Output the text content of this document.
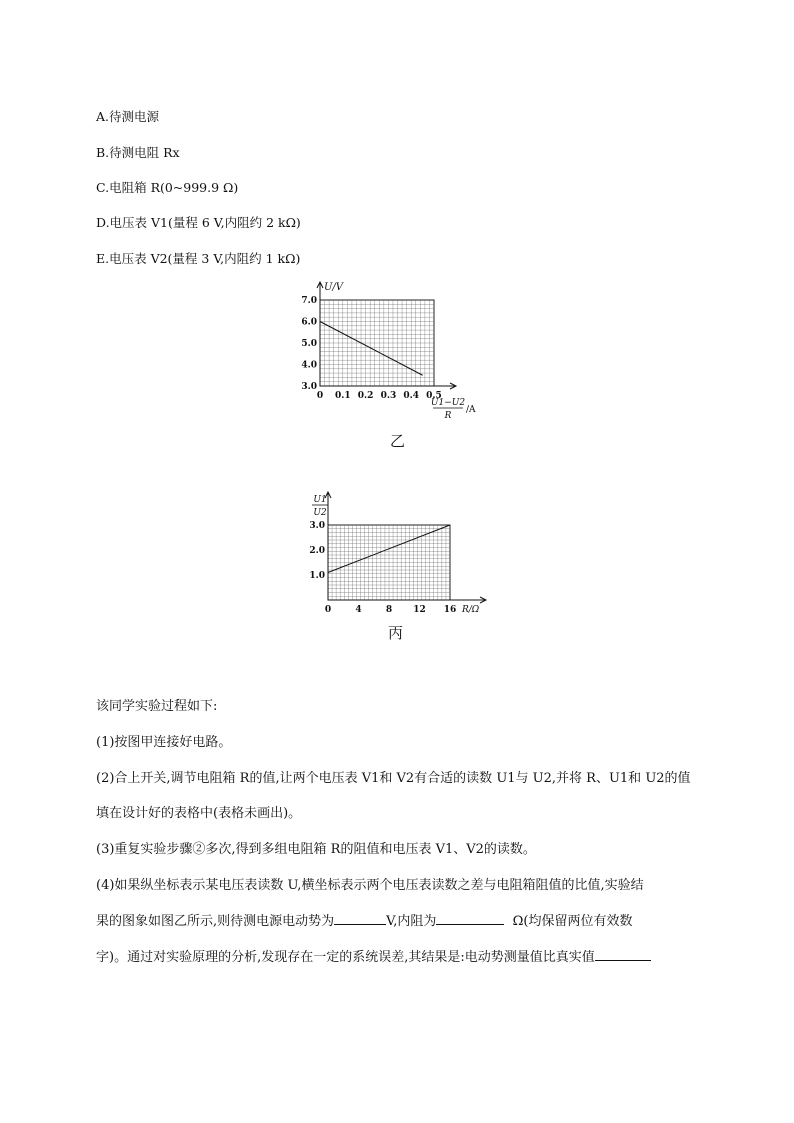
A.待测电源
B.待测电阻 Rx
C.电阻箱 R(0~999.9 Ω)
D.电压表 V1(量程 6 V,内阻约 2 kΩ)
E.电压表 V2(量程 3 V,内阻约 1 kΩ)
0 0.1 0.2 0.3 0.4 0.5
3.0
4.0
5.0
6.0
7.0
U/V
U1−U2
R
/A
乙
0	4	8 12 16
1.0
2.0
3.0
U1
U2
R/Ω
丙
该同学实验过程如下:
(1)按图甲连接好电路。
(2)合上开关,调节电阻箱 R的值,让两个电压表 V1和 V2有合适的读数 U1与 U2,并将 R、U1和 U2的值
填在设计好的表格中(表格未画出)。
(3)重复实验步骤②多次,得到多组电阻箱 R的阻值和电压表 V1、V2的读数。
(4)如果纵坐标表示某电压表读数 U,横坐标表示两个电压表读数之差与电阻箱阻值的比值,实验结
果的图象如图乙所示,则待测电源电动势为	V,内阻为	Ω(均保留两位有效数
字)。通过对实验原理的分析,发现存在一定的系统误差,其结果是:电动势测量值比真实值
